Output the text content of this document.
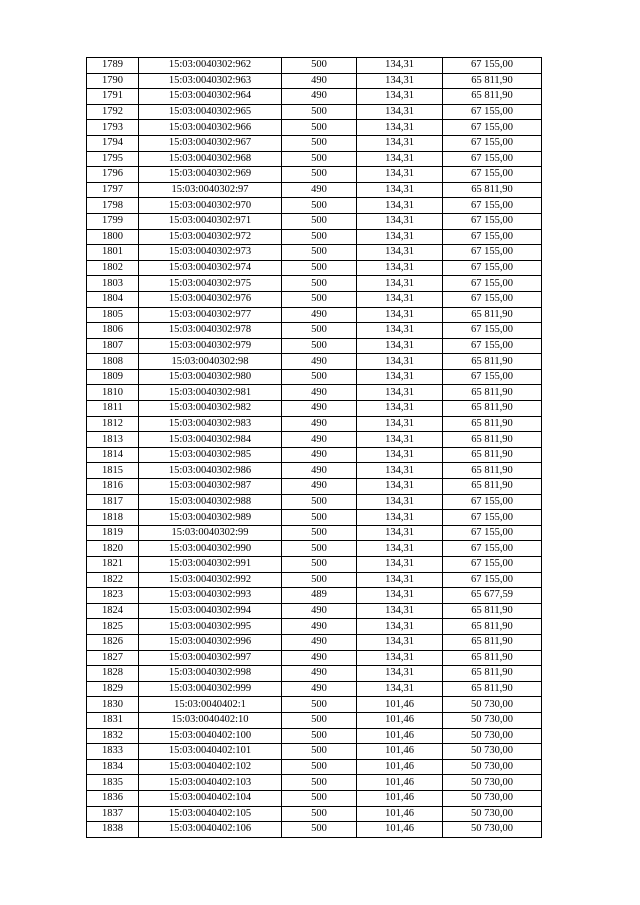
1789	15:03:0040302:962	500	134,31	67 155,00
1790	15:03:0040302:963	490	134,31	65 811,90
1791	15:03:0040302:964	490	134,31	65 811,90
1792	15:03:0040302:965	500	134,31	67 155,00
1793	15:03:0040302:966	500	134,31	67 155,00
1794	15:03:0040302:967	500	134,31	67 155,00
1795	15:03:0040302:968	500	134,31	67 155,00
1796	15:03:0040302:969	500	134,31	67 155,00
1797	15:03:0040302:97	490	134,31	65 811,90
1798	15:03:0040302:970	500	134,31	67 155,00
1799	15:03:0040302:971	500	134,31	67 155,00
1800	15:03:0040302:972	500	134,31	67 155,00
1801	15:03:0040302:973	500	134,31	67 155,00
1802	15:03:0040302:974	500	134,31	67 155,00
1803	15:03:0040302:975	500	134,31	67 155,00
1804	15:03:0040302:976	500	134,31	67 155,00
1805	15:03:0040302:977	490	134,31	65 811,90
1806	15:03:0040302:978	500	134,31	67 155,00
1807	15:03:0040302:979	500	134,31	67 155,00
1808	15:03:0040302:98	490	134,31	65 811,90
1809	15:03:0040302:980	500	134,31	67 155,00
1810	15:03:0040302:981	490	134,31	65 811,90
1811	15:03:0040302:982	490	134,31	65 811,90
1812	15:03:0040302:983	490	134,31	65 811,90
1813	15:03:0040302:984	490	134,31	65 811,90
1814	15:03:0040302:985	490	134,31	65 811,90
1815	15:03:0040302:986	490	134,31	65 811,90
1816	15:03:0040302:987	490	134,31	65 811,90
1817	15:03:0040302:988	500	134,31	67 155,00
1818	15:03:0040302:989	500	134,31	67 155,00
1819	15:03:0040302:99	500	134,31	67 155,00
1820	15:03:0040302:990	500	134,31	67 155,00
1821	15:03:0040302:991	500	134,31	67 155,00
1822	15:03:0040302:992	500	134,31	67 155,00
1823	15:03:0040302:993	489	134,31	65 677,59
1824	15:03:0040302:994	490	134,31	65 811,90
1825	15:03:0040302:995	490	134,31	65 811,90
1826	15:03:0040302:996	490	134,31	65 811,90
1827	15:03:0040302:997	490	134,31	65 811,90
1828	15:03:0040302:998	490	134,31	65 811,90
1829	15:03:0040302:999	490	134,31	65 811,90
1830	15:03:0040402:1	500	101,46	50 730,00
1831	15:03:0040402:10	500	101,46	50 730,00
1832	15:03:0040402:100	500	101,46	50 730,00
1833	15:03:0040402:101	500	101,46	50 730,00
1834	15:03:0040402:102	500	101,46	50 730,00
1835	15:03:0040402:103	500	101,46	50 730,00
1836	15:03:0040402:104	500	101,46	50 730,00
1837	15:03:0040402:105	500	101,46	50 730,00
1838	15:03:0040402:106	500	101,46	50 730,00
